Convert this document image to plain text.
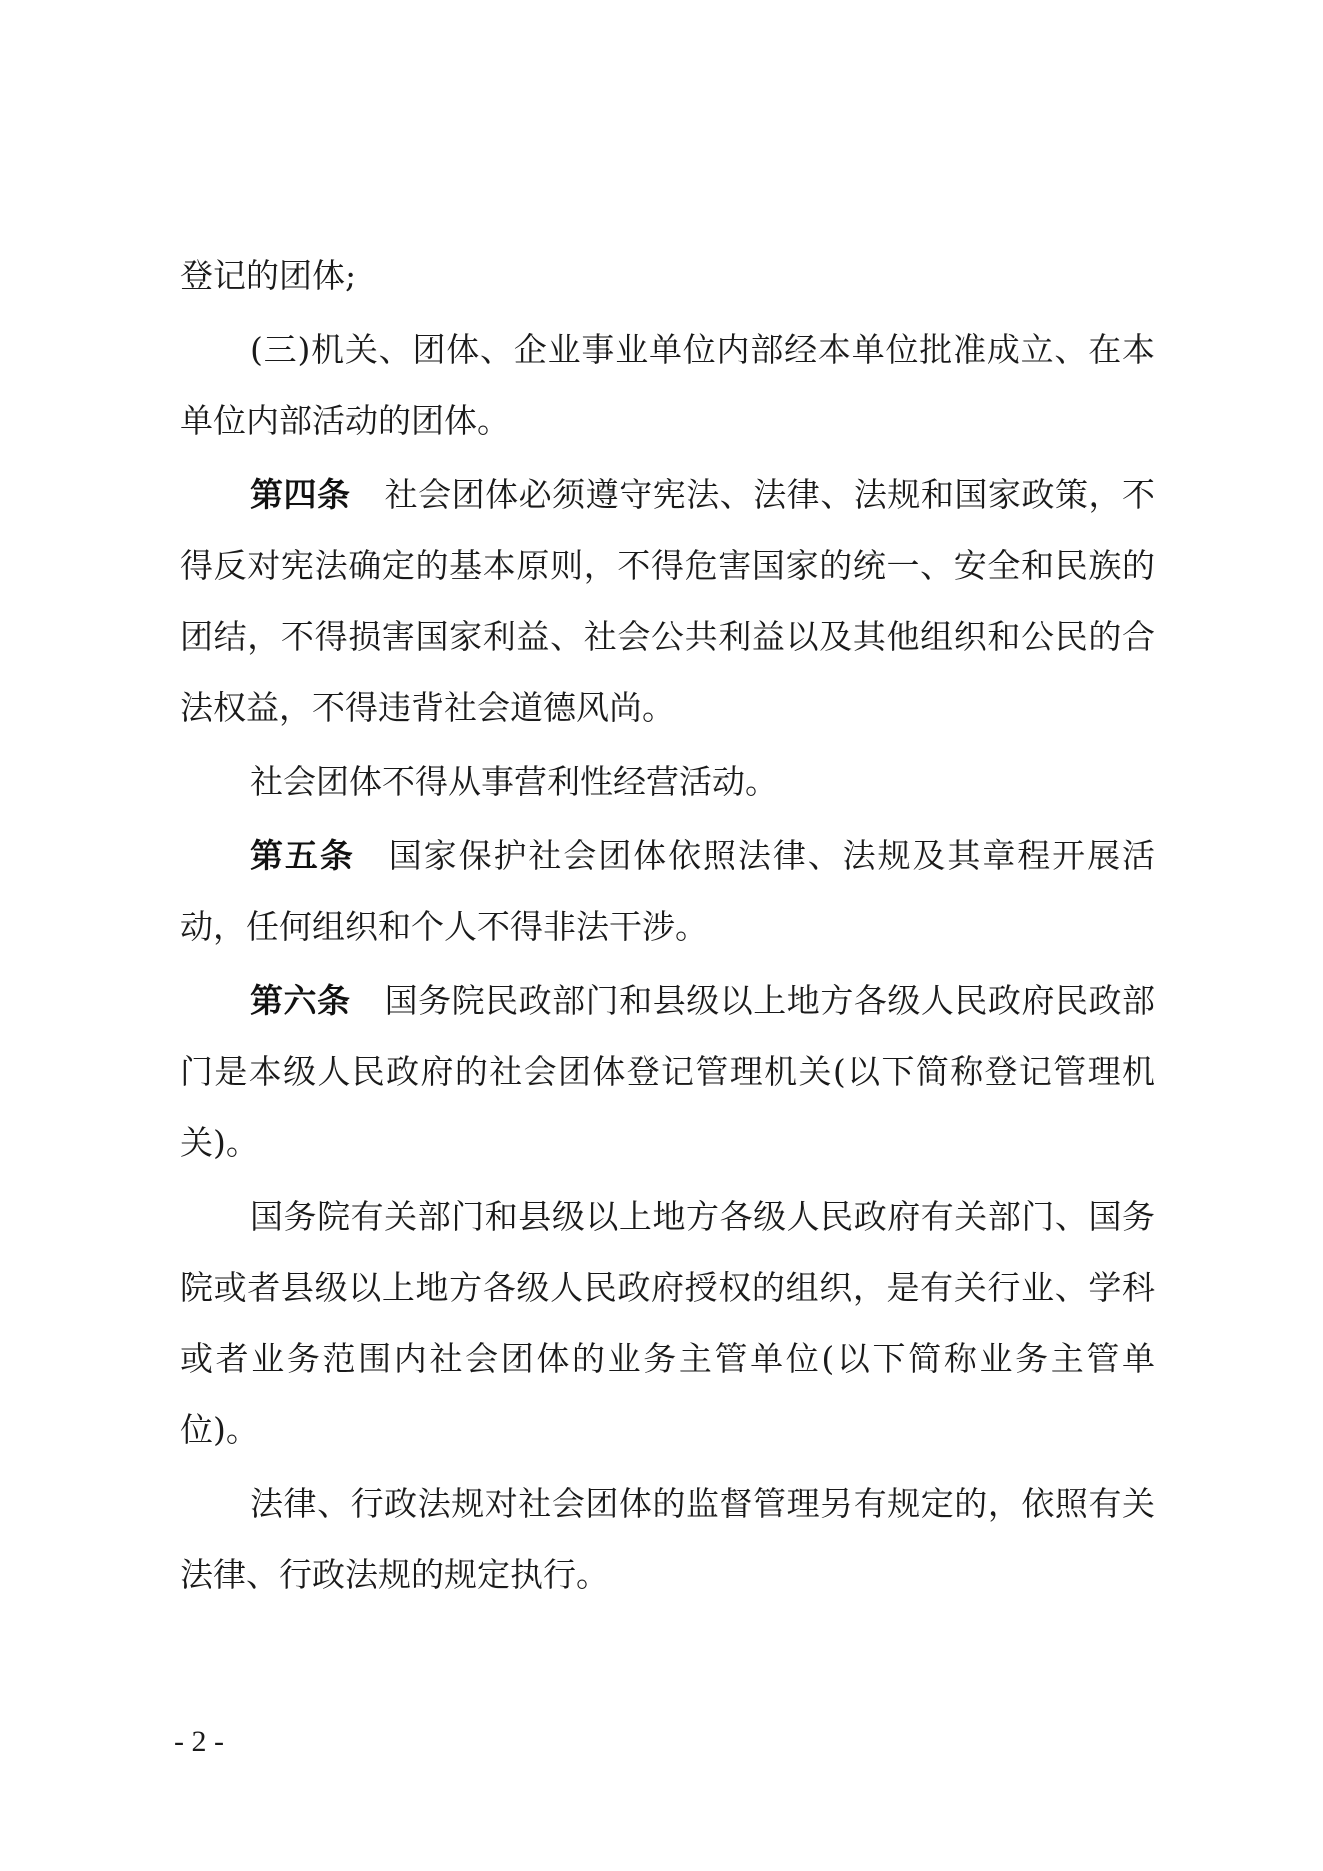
登记的团体;

(三)机关、团体、企业事业单位内部经本单位批准成立、在本单位内部活动的团体。

第四条 社会团体必须遵守宪法、法律、法规和国家政策，不得反对宪法确定的基本原则，不得危害国家的统一、安全和民族的团结，不得损害国家利益、社会公共利益以及其他组织和公民的合法权益，不得违背社会道德风尚。

社会团体不得从事营利性经营活动。

第五条 国家保护社会团体依照法律、法规及其章程开展活动，任何组织和个人不得非法干涉。

第六条 国务院民政部门和县级以上地方各级人民政府民政部门是本级人民政府的社会团体登记管理机关(以下简称登记管理机关)。

国务院有关部门和县级以上地方各级人民政府有关部门、国务院或者县级以上地方各级人民政府授权的组织，是有关行业、学科或者业务范围内社会团体的业务主管单位(以下简称业务主管单位)。

法律、行政法规对社会团体的监督管理另有规定的，依照有关法律、行政法规的规定执行。

- 2 -
